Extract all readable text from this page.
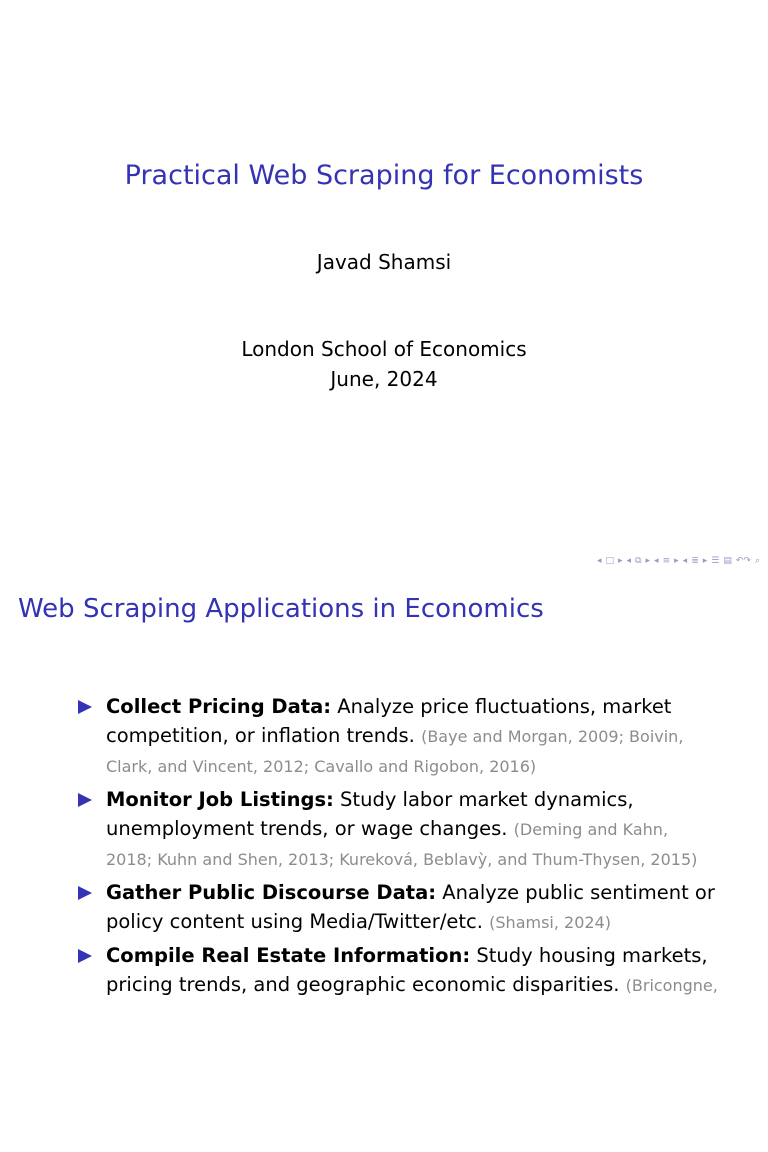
Practical Web Scraping for Economists
Javad Shamsi
London School of Economics
June, 2024
◂ □ ▸ ◂ ⧉ ▸ ◂ ≡ ▸ ◂ ≣ ▸ ☰ ▤ ↶↷ ⌕
Web Scraping Applications in Economics
Collect Pricing Data: Analyze price fluctuations, market competition, or inflation trends. (Baye and Morgan, 2009; Boivin, Clark, and Vincent, 2012; Cavallo and Rigobon, 2016)
Monitor Job Listings: Study labor market dynamics, unemployment trends, or wage changes. (Deming and Kahn, 2018; Kuhn and Shen, 2013; Kureková, Beblavỳ, and Thum-Thysen, 2015)
Gather Public Discourse Data: Analyze public sentiment or policy content using Media/Twitter/etc. (Shamsi, 2024)
Compile Real Estate Information: Study housing markets, pricing trends, and geographic economic disparities. (Bricongne,
